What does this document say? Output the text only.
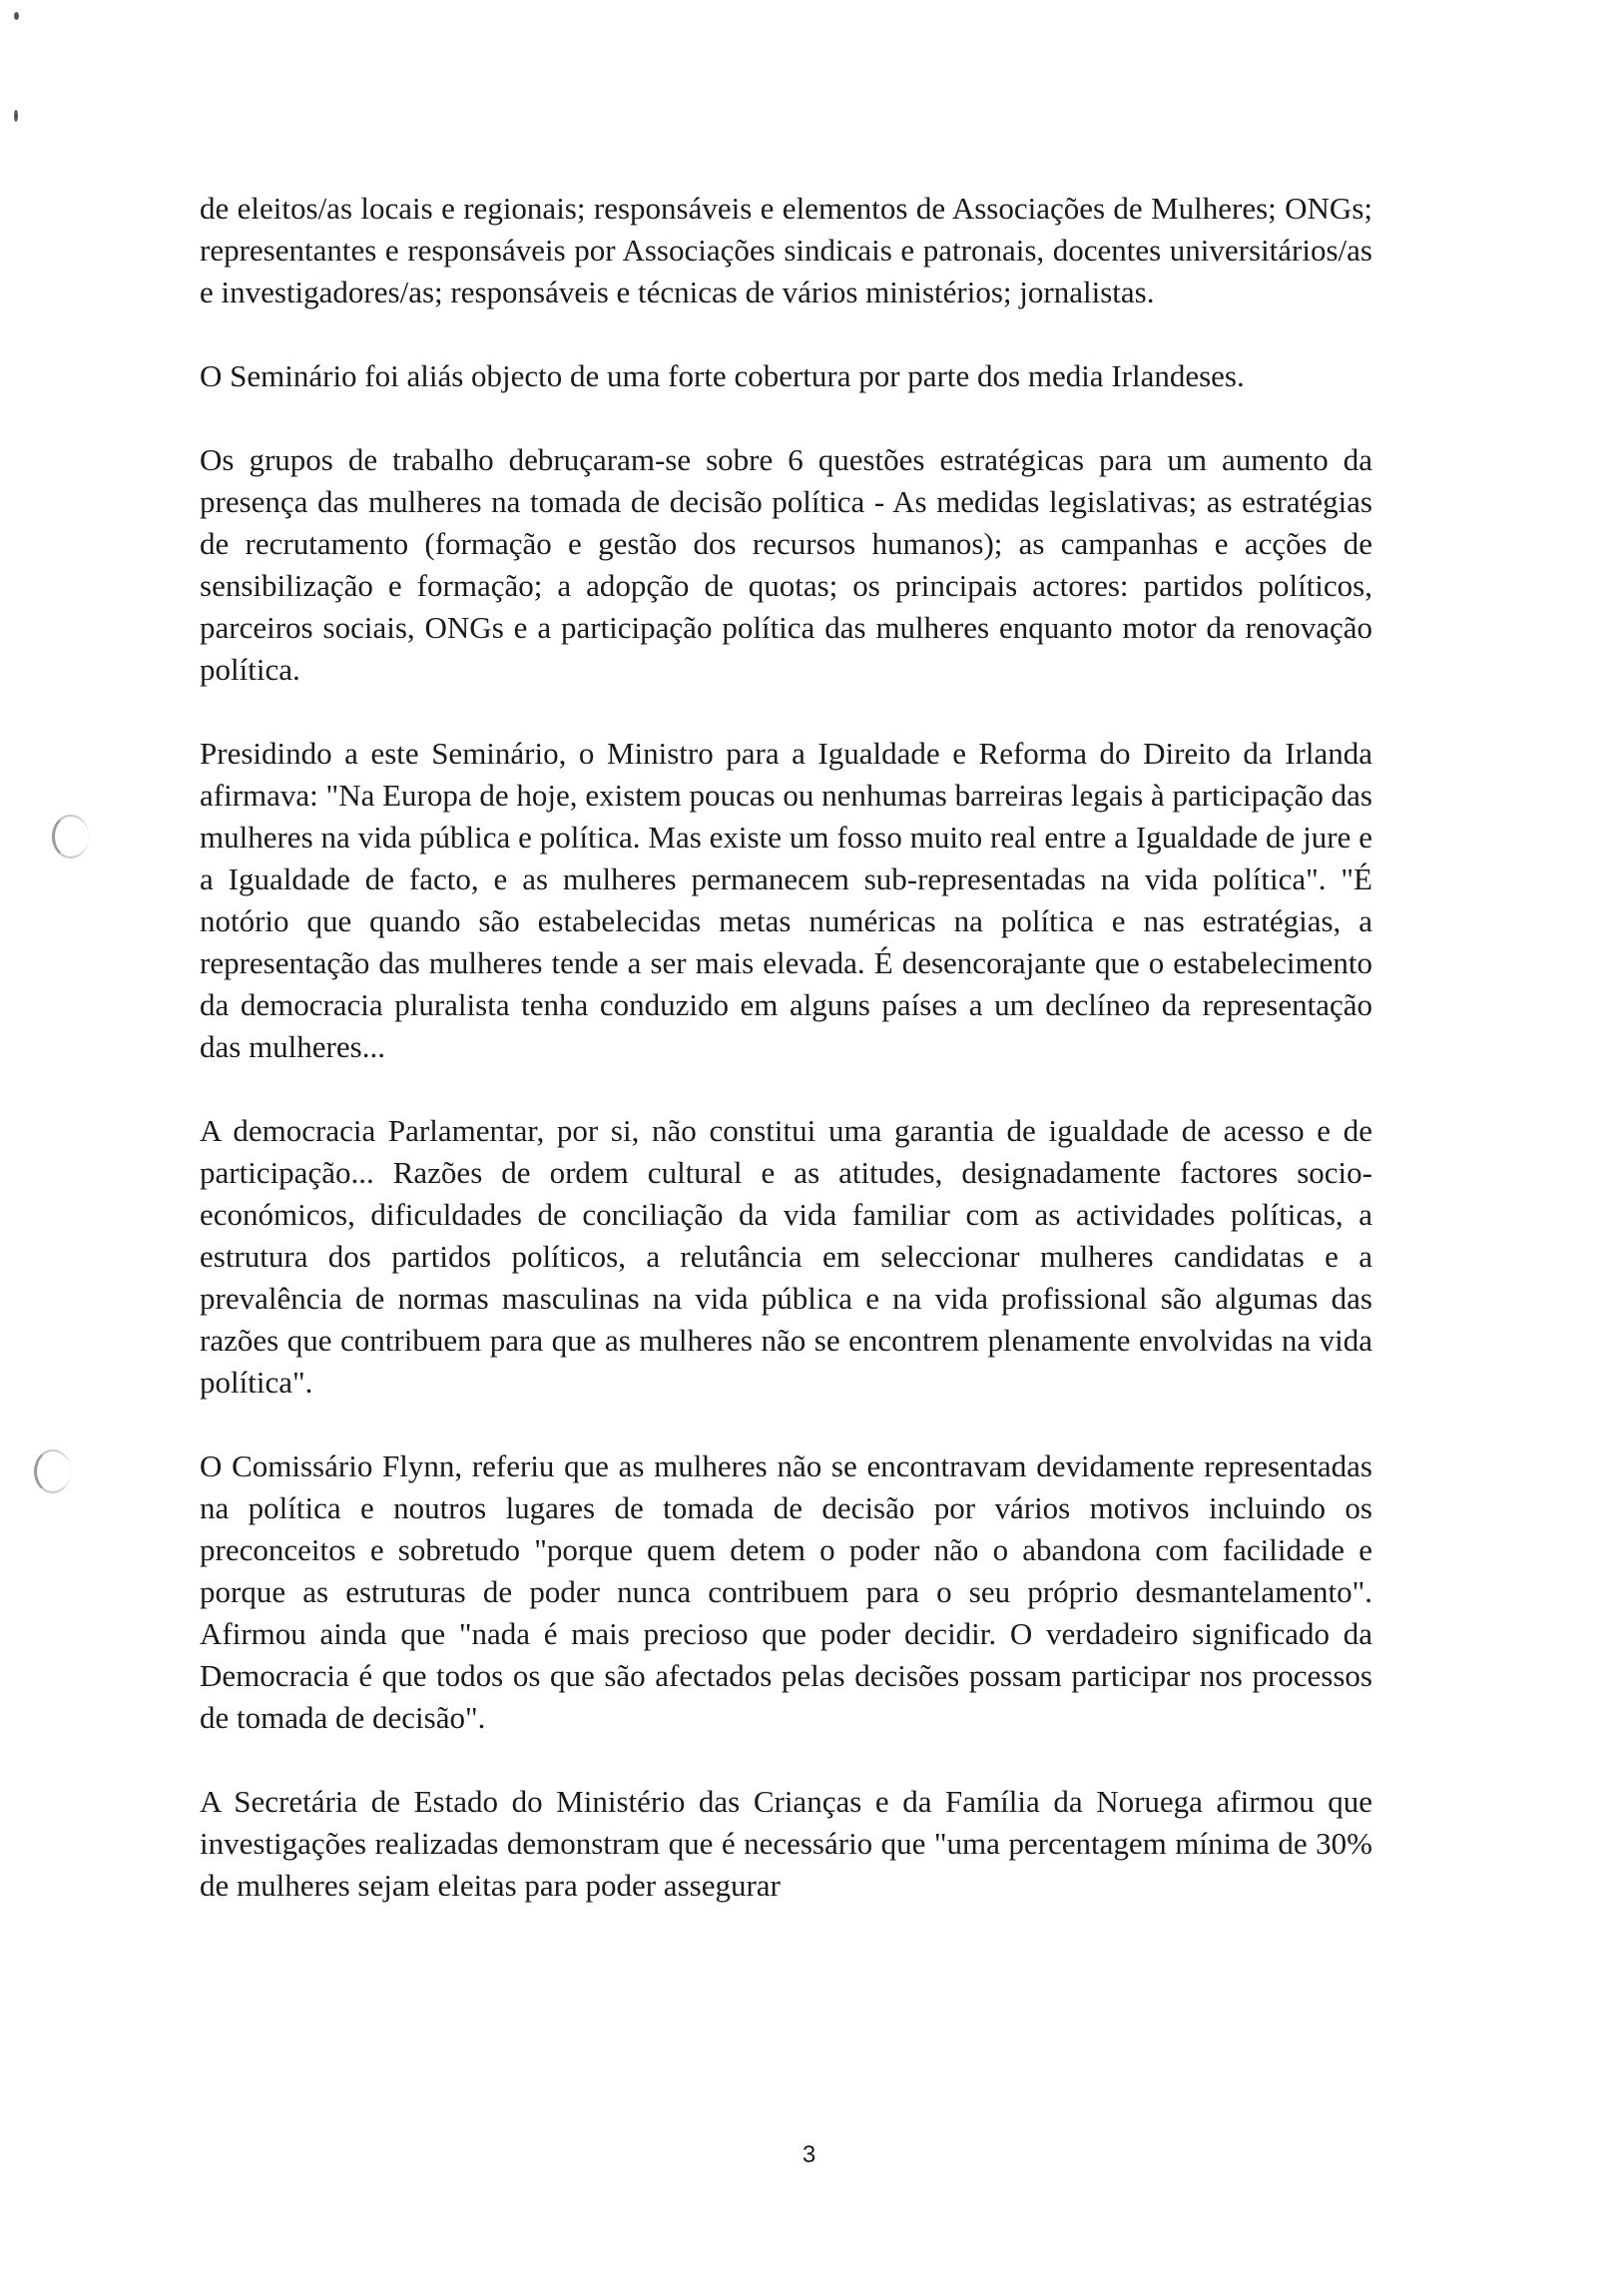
de eleitos/as locais e regionais; responsáveis e elementos de Associações de Mulheres; ONGs; representantes e responsáveis por Associações sindicais e patronais, docentes universitários/as e investigadores/as; responsáveis e técnicas de vários ministérios; jornalistas.

O Seminário foi aliás objecto de uma forte cobertura por parte dos media Irlandeses.

Os grupos de trabalho debruçaram-se sobre 6 questões estratégicas para um aumento da presença das mulheres na tomada de decisão política - As medidas legislativas; as estratégias de recrutamento (formação e gestão dos recursos humanos); as campanhas e acções de sensibilização e formação; a adopção de quotas; os principais actores: partidos políticos, parceiros sociais, ONGs e a participação política das mulheres enquanto motor da renovação política.

Presidindo a este Seminário, o Ministro para a Igualdade e Reforma do Direito da Irlanda afirmava: "Na Europa de hoje, existem poucas ou nenhumas barreiras legais à participação das mulheres na vida pública e política. Mas existe um fosso muito real entre a Igualdade de jure e a Igualdade de facto, e as mulheres permanecem sub-representadas na vida política". "É notório que quando são estabelecidas metas numéricas na política e nas estratégias, a representação das mulheres tende a ser mais elevada. É desencorajante que o estabelecimento da democracia pluralista tenha conduzido em alguns países a um declíneo da representação das mulheres...

A democracia Parlamentar, por si, não constitui uma garantia de igualdade de acesso e de participação... Razões de ordem cultural e as atitudes, designadamente factores socio-económicos, dificuldades de conciliação da vida familiar com as actividades políticas, a estrutura dos partidos políticos, a relutância em seleccionar mulheres candidatas e a prevalência de normas masculinas na vida pública e na vida profissional são algumas das razões que contribuem para que as mulheres não se encontrem plenamente envolvidas na vida política".

O Comissário Flynn, referiu que as mulheres não se encontravam devidamente representadas na política e noutros lugares de tomada de decisão por vários motivos incluindo os preconceitos e sobretudo "porque quem detem o poder não o abandona com facilidade e porque as estruturas de poder nunca contribuem para o seu próprio desmantelamento". Afirmou ainda que "nada é mais precioso que poder decidir. O verdadeiro significado da Democracia é que todos os que são afectados pelas decisões possam participar nos processos de tomada de decisão".

A Secretária de Estado do Ministério das Crianças e da Família da Noruega afirmou que investigações realizadas demonstram que é necessário que "uma percentagem mínima de 30% de mulheres sejam eleitas para poder assegurar

3
